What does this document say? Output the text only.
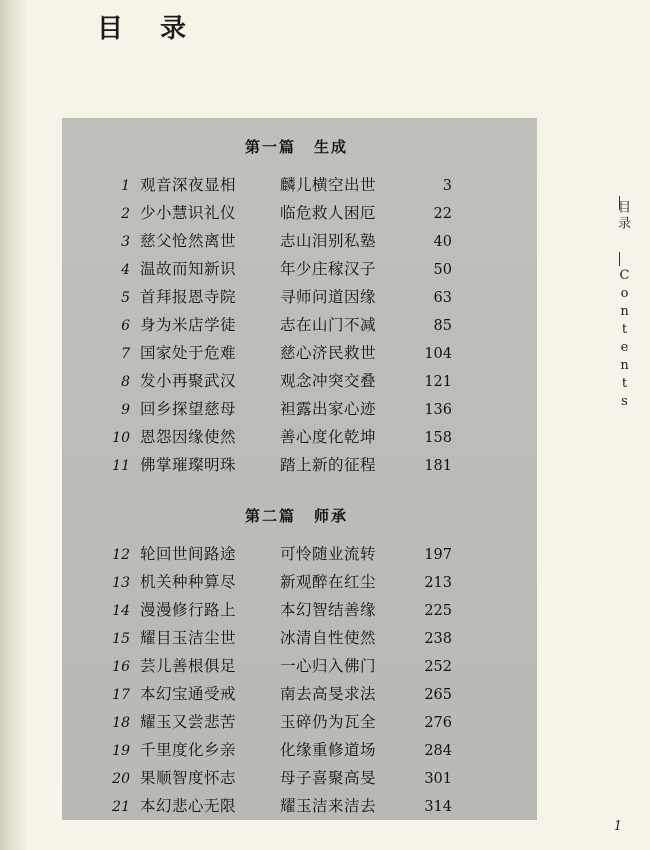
目 录
第一篇 生成
1 观音深夜显相	麟儿横空出世	3
2 少小慧识礼仪	临危救人困厄	22
3 慈父怆然离世	志山泪别私塾	40
4 温故而知新识	年少庄稼汉子	50
5 首拜报恩寺院	寻师问道因缘	63
6 身为米店学徒	志在山门不减	85
7 国家处于危难	慈心济民救世	104
8 发小再聚武汉	观念冲突交叠	121
9 回乡探望慈母	袒露出家心迹	136
10 恩怨因缘使然	善心度化乾坤	158
11 佛掌璀璨明珠	踏上新的征程	181
第二篇 师承
12 轮回世间路途	可怜随业流转	197
13 机关种种算尽	新观醉在红尘	213
14 漫漫修行路上	本幻智结善缘	225
15 耀目玉洁尘世	冰清自性使然	238
16 芸儿善根俱足	一心归入佛门	252
17 本幻宝通受戒	南去高旻求法	265
18 耀玉又尝悲苦	玉碎仍为瓦全	276
19 千里度化乡亲	化缘重修道场	284
20 果顺智度怀志	母子喜聚高旻	301
21 本幻悲心无限	耀玉洁来洁去	314
目录
Contents
1
